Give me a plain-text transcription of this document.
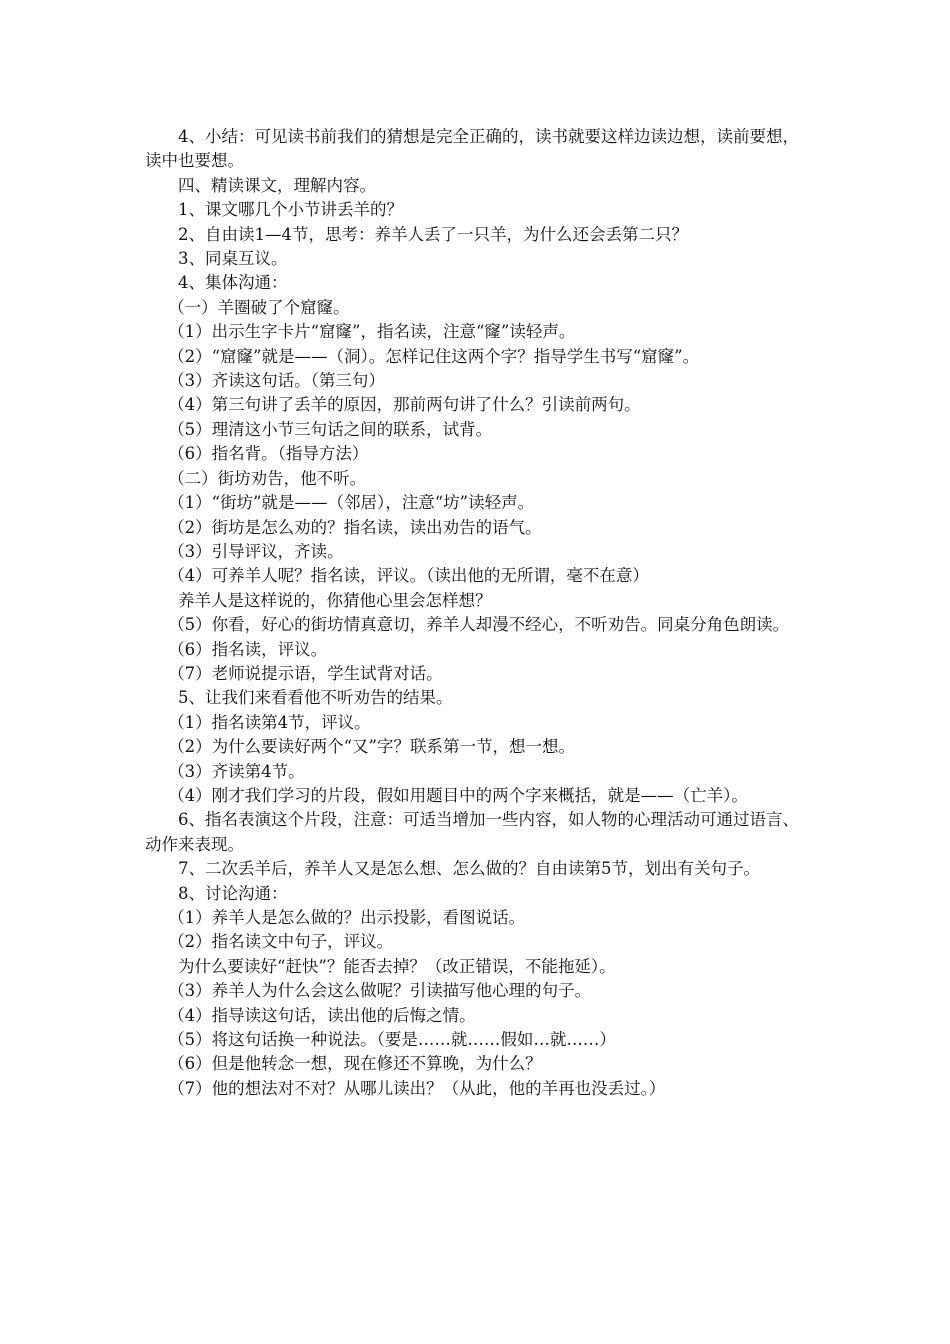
4、小结：可见读书前我们的猜想是完全正确的，读书就要这样边读边想，读前要想，读中也要想。

四、精读课文，理解内容。

1、课文哪几个小节讲丢羊的？

2、自由读1—4节，思考：养羊人丢了一只羊，为什么还会丢第二只？

3、同桌互议。

4、集体沟通：

（一）羊圈破了个窟窿。

（1）出示生字卡片“窟窿”，指名读，注意“窿”读轻声。

（2）“窟窿”就是——（洞）。怎样记住这两个字？指导学生书写“窟窿”。

（3）齐读这句话。（第三句）

（4）第三句讲了丢羊的原因，那前两句讲了什么？引读前两句。

（5）理清这小节三句话之间的联系，试背。

（6）指名背。（指导方法）

（二）街坊劝告，他不听。

（1）“街坊”就是——（邻居），注意“坊”读轻声。

（2）街坊是怎么劝的？指名读，读出劝告的语气。

（3）引导评议，齐读。

（4）可养羊人呢？指名读，评议。（读出他的无所谓，毫不在意）

养羊人是这样说的，你猜他心里会怎样想？

（5）你看，好心的街坊情真意切，养羊人却漫不经心，不听劝告。同桌分角色朗读。

（6）指名读，评议。

（7）老师说提示语，学生试背对话。

5、让我们来看看他不听劝告的结果。

（1）指名读第4节，评议。

（2）为什么要读好两个“又”字？联系第一节，想一想。

（3）齐读第4节。

（4）刚才我们学习的片段，假如用题目中的两个字来概括，就是——（亡羊）。

6、指名表演这个片段，注意：可适当增加一些内容，如人物的心理活动可通过语言、动作来表现。

7、二次丢羊后，养羊人又是怎么想、怎么做的？自由读第5节，划出有关句子。

8、讨论沟通：

（1）养羊人是怎么做的？出示投影，看图说话。

（2）指名读文中句子，评议。

为什么要读好“赶快”？能否去掉？（改正错误，不能拖延）。

（3）养羊人为什么会这么做呢？引读描写他心理的句子。

（4）指导读这句话，读出他的后悔之情。

（5）将这句话换一种说法。（要是……就……假如…就……）

（6）但是他转念一想，现在修还不算晚，为什么？

（7）他的想法对不对？从哪儿读出？（从此，他的羊再也没丢过。）
